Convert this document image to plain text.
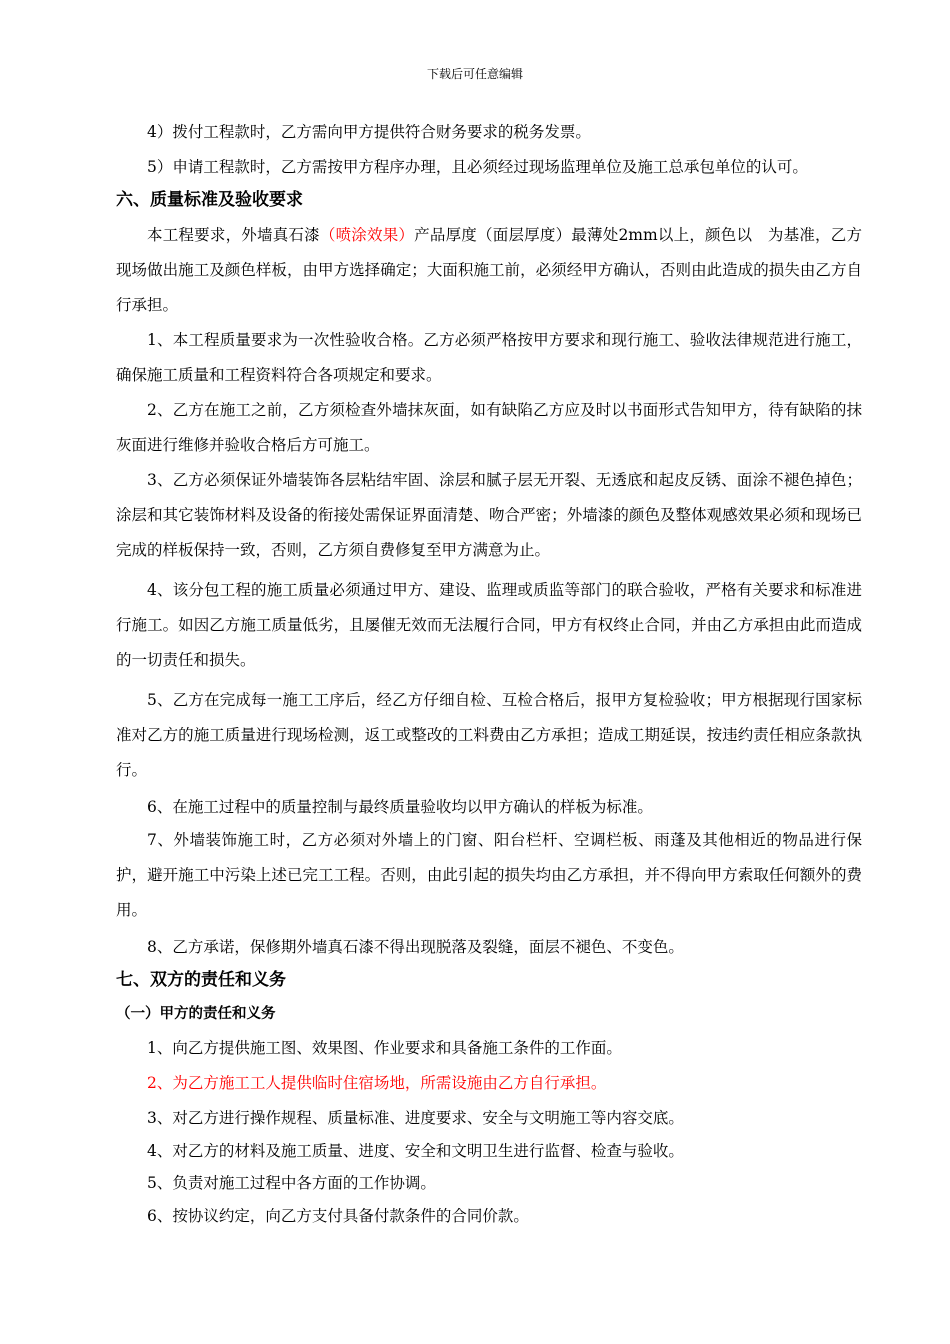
下载后可任意编辑
4）拨付工程款时，乙方需向甲方提供符合财务要求的税务发票。
5）申请工程款时，乙方需按甲方程序办理，且必须经过现场监理单位及施工总承包单位的认可。
六、质量标准及验收要求
本工程要求，外墙真石漆（喷涂效果）产品厚度（面层厚度）最薄处2mm以上，颜色以　为基准，乙方现场做出施工及颜色样板，由甲方选择确定；大面积施工前，必须经甲方确认，否则由此造成的损失由乙方自行承担。
1、本工程质量要求为一次性验收合格。乙方必须严格按甲方要求和现行施工、验收法律规范进行施工，确保施工质量和工程资料符合各项规定和要求。
2、乙方在施工之前，乙方须检查外墙抹灰面，如有缺陷乙方应及时以书面形式告知甲方，待有缺陷的抹灰面进行维修并验收合格后方可施工。
3、乙方必须保证外墙装饰各层粘结牢固、涂层和腻子层无开裂、无透底和起皮反锈、面涂不褪色掉色；涂层和其它装饰材料及设备的衔接处需保证界面清楚、吻合严密；外墙漆的颜色及整体观感效果必须和现场已完成的样板保持一致，否则，乙方须自费修复至甲方满意为止。
4、该分包工程的施工质量必须通过甲方、建设、监理或质监等部门的联合验收，严格有关要求和标准进行施工。如因乙方施工质量低劣，且屡催无效而无法履行合同，甲方有权终止合同，并由乙方承担由此而造成的一切责任和损失。
5、乙方在完成每一施工工序后，经乙方仔细自检、互检合格后，报甲方复检验收；甲方根据现行国家标准对乙方的施工质量进行现场检测，返工或整改的工料费由乙方承担；造成工期延误，按违约责任相应条款执行。
6、在施工过程中的质量控制与最终质量验收均以甲方确认的样板为标准。
7、外墙装饰施工时，乙方必须对外墙上的门窗、阳台栏杆、空调栏板、雨蓬及其他相近的物品进行保护，避开施工中污染上述已完工工程。否则，由此引起的损失均由乙方承担，并不得向甲方索取任何额外的费用。
8、乙方承诺，保修期外墙真石漆不得出现脱落及裂缝，面层不褪色、不变色。
七、双方的责任和义务
（一）甲方的责任和义务
1、向乙方提供施工图、效果图、作业要求和具备施工条件的工作面。
2、为乙方施工工人提供临时住宿场地，所需设施由乙方自行承担。
3、对乙方进行操作规程、质量标准、进度要求、安全与文明施工等内容交底。
4、对乙方的材料及施工质量、进度、安全和文明卫生进行监督、检查与验收。
5、负责对施工过程中各方面的工作协调。
6、按协议约定，向乙方支付具备付款条件的合同价款。
